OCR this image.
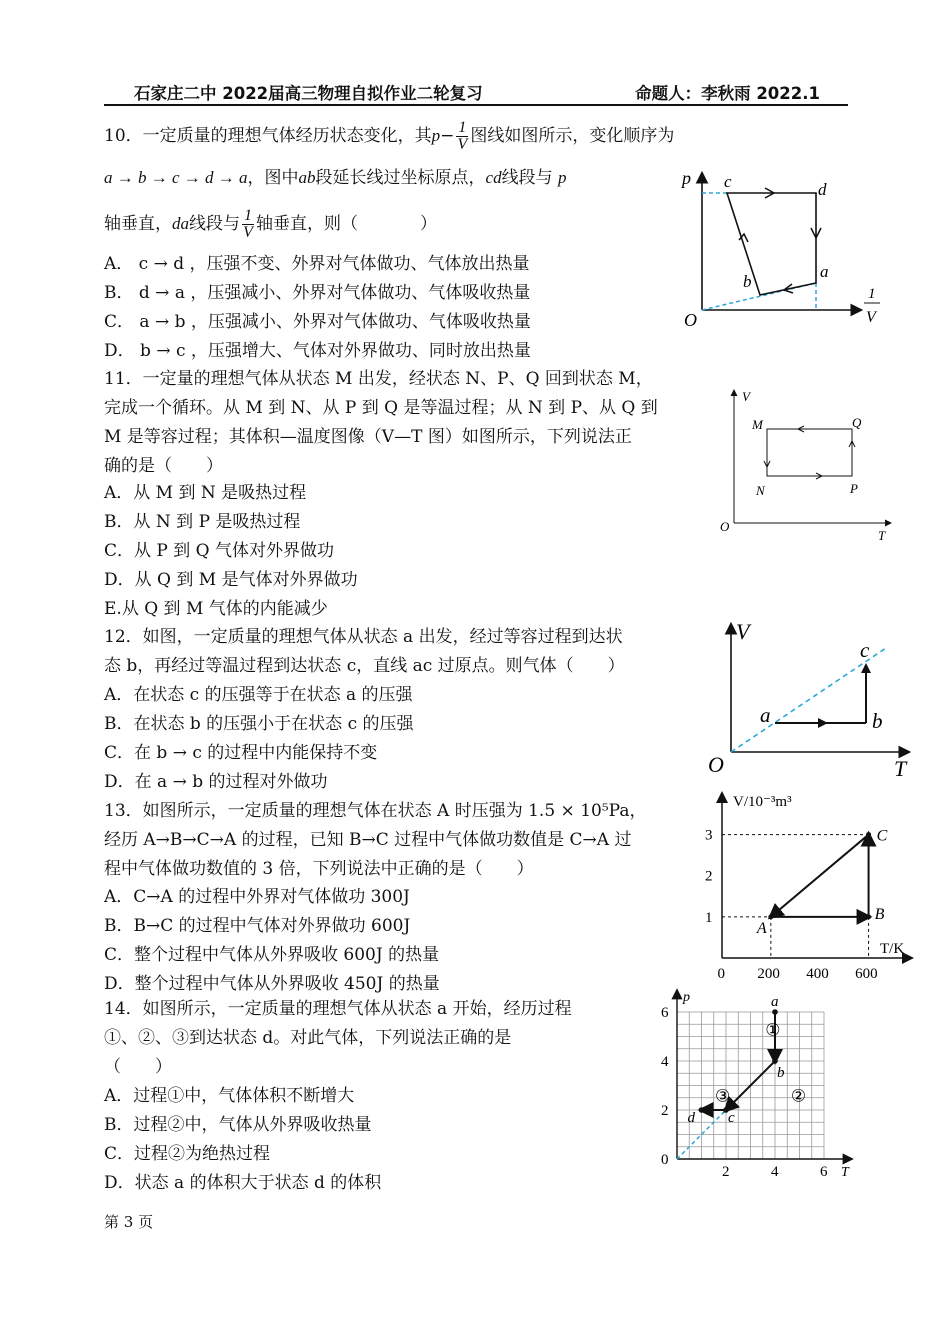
石家庄二中 2022届高三物理自拟作业二轮复习	命题人：李秋雨 2022.1
10．一定质量的理想气体经历状态变化，其$p- \frac{1}{V}$ 图线如图所示，变化顺序为
a → b → c → d → a，图中ab段延长线过坐标原点，cd线段与 p
轴垂直，da线段与 $\frac{1}{V}$ 轴垂直，则（	）
A． c → d ，压强不变、外界对气体做功、气体放出热量
B． d → a ，压强减小、外界对气体做功、气体吸收热量
C． a → b ，压强减小、外界对气体做功、气体吸收热量
D． b → c ，压强增大、气体对外界做功、同时放出热量
p
O
1
V
c	d
a
b
11．一定量的理想气体从状态 M 出发，经状态 N、P、Q 回到状态 M，
完成一个循环。从 M 到 N、从 P 到 Q 是等温过程；从 N 到 P、从 Q 到
M 是等容过程；其体积—温度图像（V—T 图）如图所示，下列说法正
确的是（　　）
A．从 M 到 N 是吸热过程
B．从 N 到 P 是吸热过程
C．从 P 到 Q 气体对外界做功
D．从 Q 到 M 是气体对外界做功
E.从 Q 到 M 气体的内能减少
V
T
O
M	Q
N	P
12．如图，一定质量的理想气体从状态 a 出发，经过等容过程到达状
态 b，再经过等温过程到达状态 c，直线 ac 过原点。则气体（　　）
A．在状态 c 的压强等于在状态 a 的压强
B．在状态 b 的压强小于在状态 c 的压强
C．在 b → c 的过程中内能保持不变
D．在 a → b 的过程对外做功
V
T
O
a	b
c
13．如图所示，一定质量的理想气体在状态 A 时压强为 1.5 × 10⁵Pa，
经历 A→B→C→A 的过程，已知 B→C 过程中气体做功数值是 C→A 过
程中气体做功数值的 3 倍，下列说法中正确的是（　　）
A．C→A 的过程中外界对气体做功 300J
B．B→C 的过程中气体对外界做功 600J
C．整个过程中气体从外界吸收 600J 的热量
D．整个过程中气体从外界吸收 450J 的热量
V/10⁻³m³
T/K
0 200 400 600
1
2
3
A
B
C
14．如图所示，一定质量的理想气体从状态 a 开始，经历过程
①、②、③到达状态 d。对此气体，下列说法正确的是
（　　）
A．过程①中，气体体积不断增大
B．过程②中，气体从外界吸收热量
C．过程②为绝热过程
D．状态 a 的体积大于状态 d 的体积
p
T
2	4	6
0
2
4
6
a
b
c
d
①
②
③
第 3 页
